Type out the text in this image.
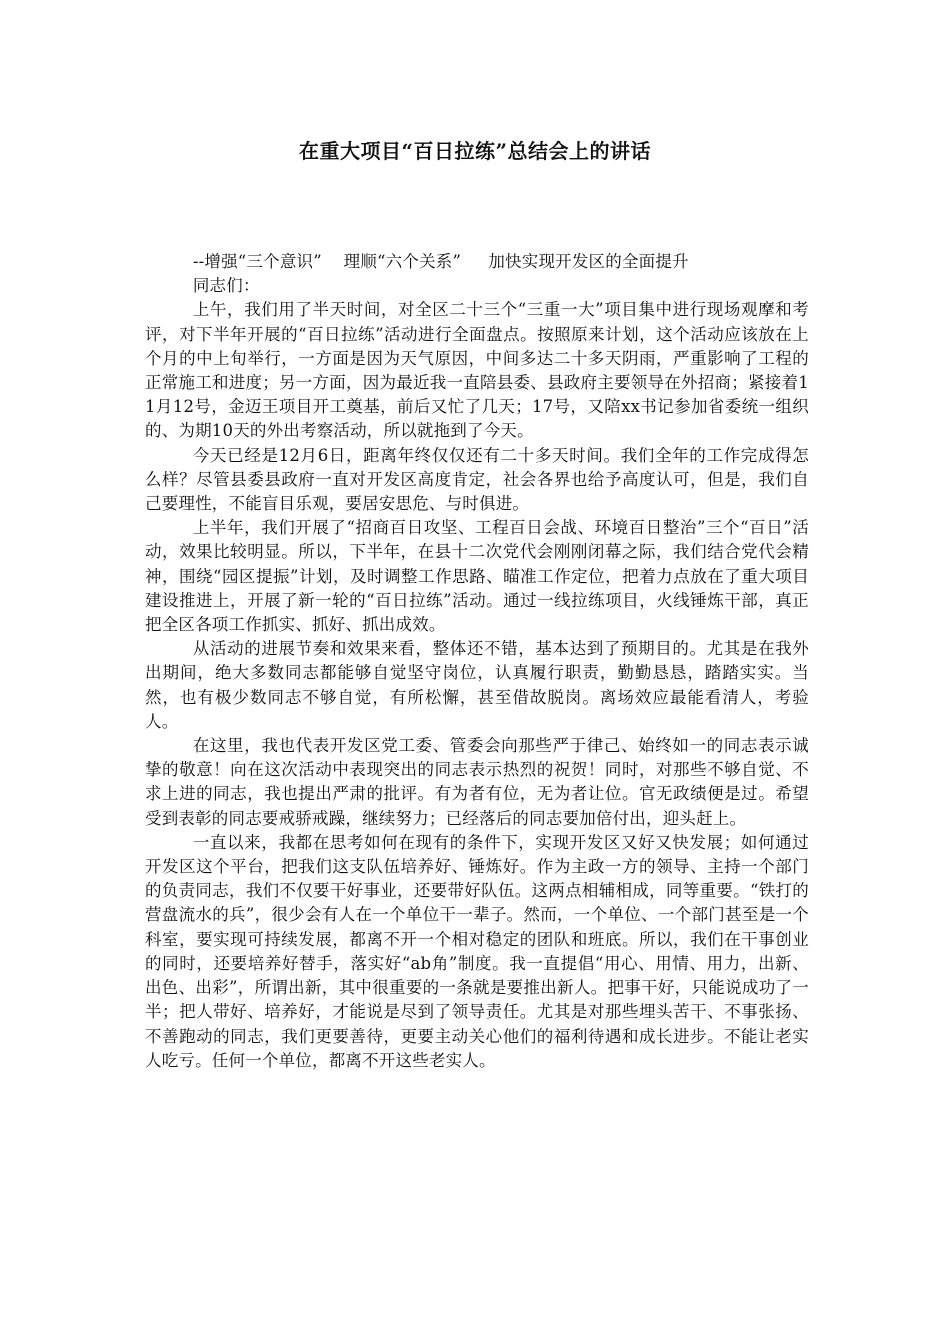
在重大项目“百日拉练”总结会上的讲话

--增强“三个意识”    理顺“六个关系”     加快实现开发区的全面提升

同志们：

上午，我们用了半天时间，对全区二十三个“三重一大”项目集中进行现场观摩和考评，对下半年开展的“百日拉练”活动进行全面盘点。按照原来计划，这个活动应该放在上个月的中上旬举行，一方面是因为天气原因，中间多达二十多天阴雨，严重影响了工程的正常施工和进度；另一方面，因为最近我一直陪县委、县政府主要领导在外招商；紧接着11月12号，金迈王项目开工奠基，前后又忙了几天；17号，又陪xx书记参加省委统一组织的、为期10天的外出考察活动，所以就拖到了今天。

今天已经是12月6日，距离年终仅仅还有二十多天时间。我们全年的工作完成得怎么样？尽管县委县政府一直对开发区高度肯定，社会各界也给予高度认可，但是，我们自己要理性，不能盲目乐观，要居安思危、与时俱进。

上半年，我们开展了“招商百日攻坚、工程百日会战、环境百日整治”三个“百日”活动，效果比较明显。所以，下半年，在县十二次党代会刚刚闭幕之际，我们结合党代会精神，围绕“园区提振”计划，及时调整工作思路、瞄准工作定位，把着力点放在了重大项目建设推进上，开展了新一轮的“百日拉练”活动。通过一线拉练项目，火线锤炼干部，真正把全区各项工作抓实、抓好、抓出成效。

从活动的进展节奏和效果来看，整体还不错，基本达到了预期目的。尤其是在我外出期间，绝大多数同志都能够自觉坚守岗位，认真履行职责，勤勤恳恳，踏踏实实。当然，也有极少数同志不够自觉，有所松懈，甚至借故脱岗。离场效应最能看清人，考验人。

在这里，我也代表开发区党工委、管委会向那些严于律己、始终如一的同志表示诚挚的敬意！向在这次活动中表现突出的同志表示热烈的祝贺！同时，对那些不够自觉、不求上进的同志，我也提出严肃的批评。有为者有位，无为者让位。官无政绩便是过。希望受到表彰的同志要戒骄戒躁，继续努力；已经落后的同志要加倍付出，迎头赶上。

一直以来，我都在思考如何在现有的条件下，实现开发区又好又快发展；如何通过开发区这个平台，把我们这支队伍培养好、锤炼好。作为主政一方的领导、主持一个部门的负责同志，我们不仅要干好事业，还要带好队伍。这两点相辅相成，同等重要。“铁打的营盘流水的兵”，很少会有人在一个单位干一辈子。然而，一个单位、一个部门甚至是一个科室，要实现可持续发展，都离不开一个相对稳定的团队和班底。所以，我们在干事创业的同时，还要培养好替手，落实好“ab角”制度。我一直提倡“用心、用情、用力，出新、出色、出彩”，所谓出新，其中很重要的一条就是要推出新人。把事干好，只能说成功了一半；把人带好、培养好，才能说是尽到了领导责任。尤其是对那些埋头苦干、不事张扬、不善跑动的同志，我们更要善待，更要主动关心他们的福利待遇和成长进步。不能让老实人吃亏。任何一个单位，都离不开这些老实人。
